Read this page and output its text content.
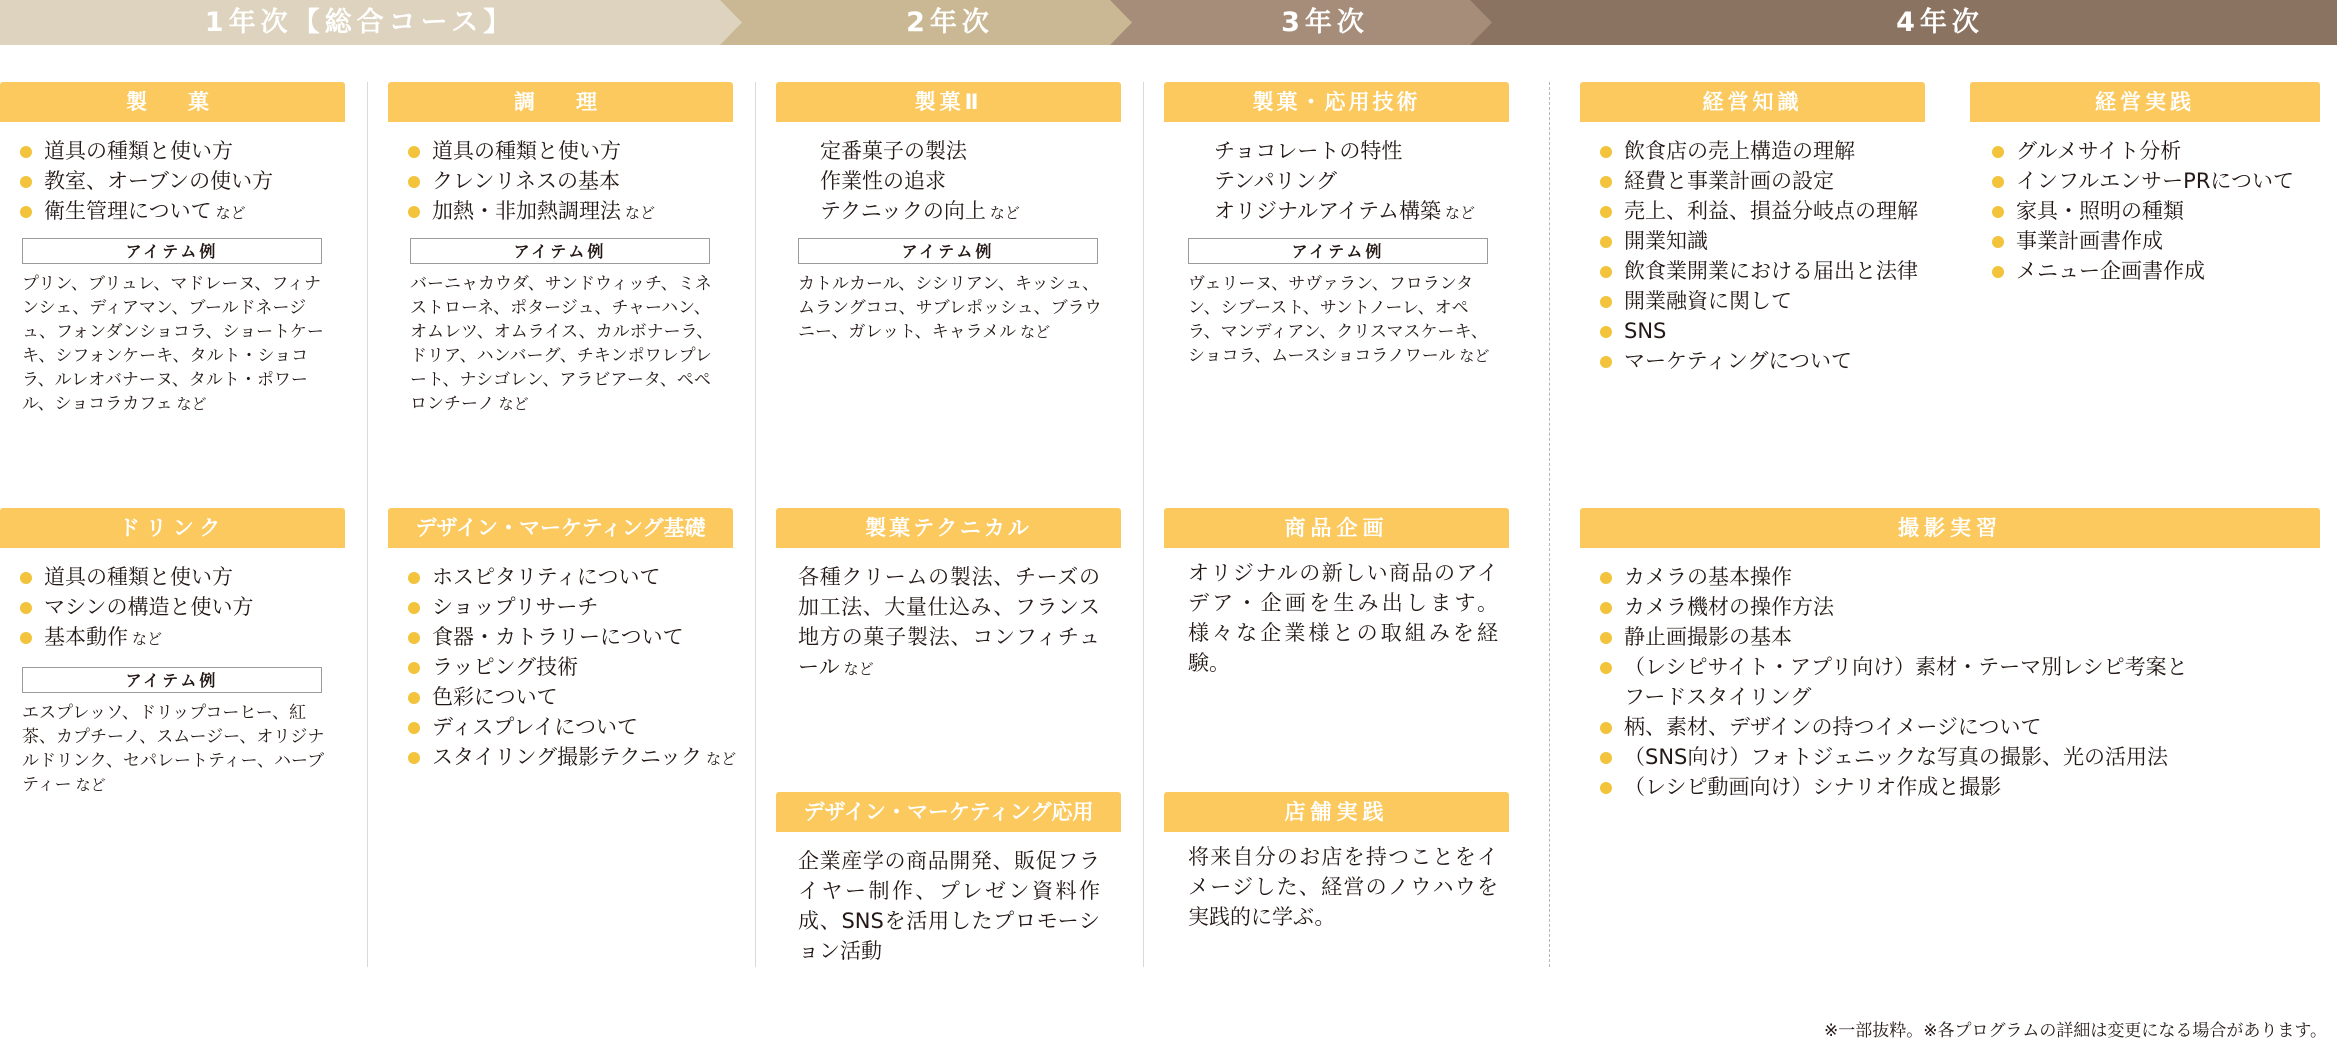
1年次【総合コース】	2年次	3年次	4年次
製　菓
道具の種類と使い方
教室、オーブンの使い方
衛生管理について など
アイテム例
プリン、ブリュレ、マドレーヌ、フィナンシェ、ディアマン、ブールドネージュ、フォンダンショコラ、ショートケーキ、シフォンケーキ、タルト・ショコラ、ルレオバナーヌ、タルト・ポワール、ショコラカフェ など
調　理
道具の種類と使い方
クレンリネスの基本
加熱・非加熱調理法 など
アイテム例
バーニャカウダ、サンドウィッチ、ミネストローネ、ポタージュ、チャーハン、オムレツ、オムライス、カルボナーラ、ドリア、ハンバーグ、チキンポワレプレート、ナシゴレン、アラビアータ、ペペロンチーノ など
ドリンク
道具の種類と使い方
マシンの構造と使い方
基本動作 など
アイテム例
エスプレッソ、ドリップコーヒー、紅茶、カプチーノ、スムージー、オリジナルドリンク、セパレートティー、ハーブティー など
デザイン・マーケティング基礎
ホスピタリティについて
ショップリサーチ
食器・カトラリーについて
ラッピング技術
色彩について
ディスプレイについて
スタイリング撮影テクニック など
製菓Ⅱ
定番菓子の製法
作業性の追求
テクニックの向上 など
アイテム例
カトルカール、シシリアン、キッシュ、ムラングココ、サブレポッシュ、ブラウニー、ガレット、キャラメル など
製菓テクニカル
各種クリームの製法、チーズの加工法、大量仕込み、フランス地方の菓子製法、コンフィチュール など
デザイン・マーケティング応用
企業産学の商品開発、販促フライヤー制作、プレゼン資料作成、SNSを活用したプロモーション活動
製菓・応用技術
チョコレートの特性
テンパリング
オリジナルアイテム構築 など
アイテム例
ヴェリーヌ、サヴァラン、フロランタン、シブースト、サントノーレ、オペラ、マンディアン、クリスマスケーキ、ショコラ、ムースショコラノワール など
商品企画
オリジナルの新しい商品のアイデア・企画を生み出します。様々な企業様との取組みを経験。
店舗実践
将来自分のお店を持つことをイメージした、経営のノウハウを実践的に学ぶ。
経営知識
飲食店の売上構造の理解
経費と事業計画の設定
売上、利益、損益分岐点の理解
開業知識
飲食業開業における届出と法律
開業融資に関して
SNS
マーケティングについて
経営実践
グルメサイト分析
インフルエンサーPRについて
家具・照明の種類
事業計画書作成
メニュー企画書作成
撮影実習
カメラの基本操作
カメラ機材の操作方法
静止画撮影の基本
（レシピサイト・アプリ向け）素材・テーマ別レシピ考案と
フードスタイリング
柄、素材、デザインの持つイメージについて
（SNS向け）フォトジェニックな写真の撮影、光の活用法
（レシピ動画向け）シナリオ作成と撮影
※一部抜粋。※各プログラムの詳細は変更になる場合があります。
